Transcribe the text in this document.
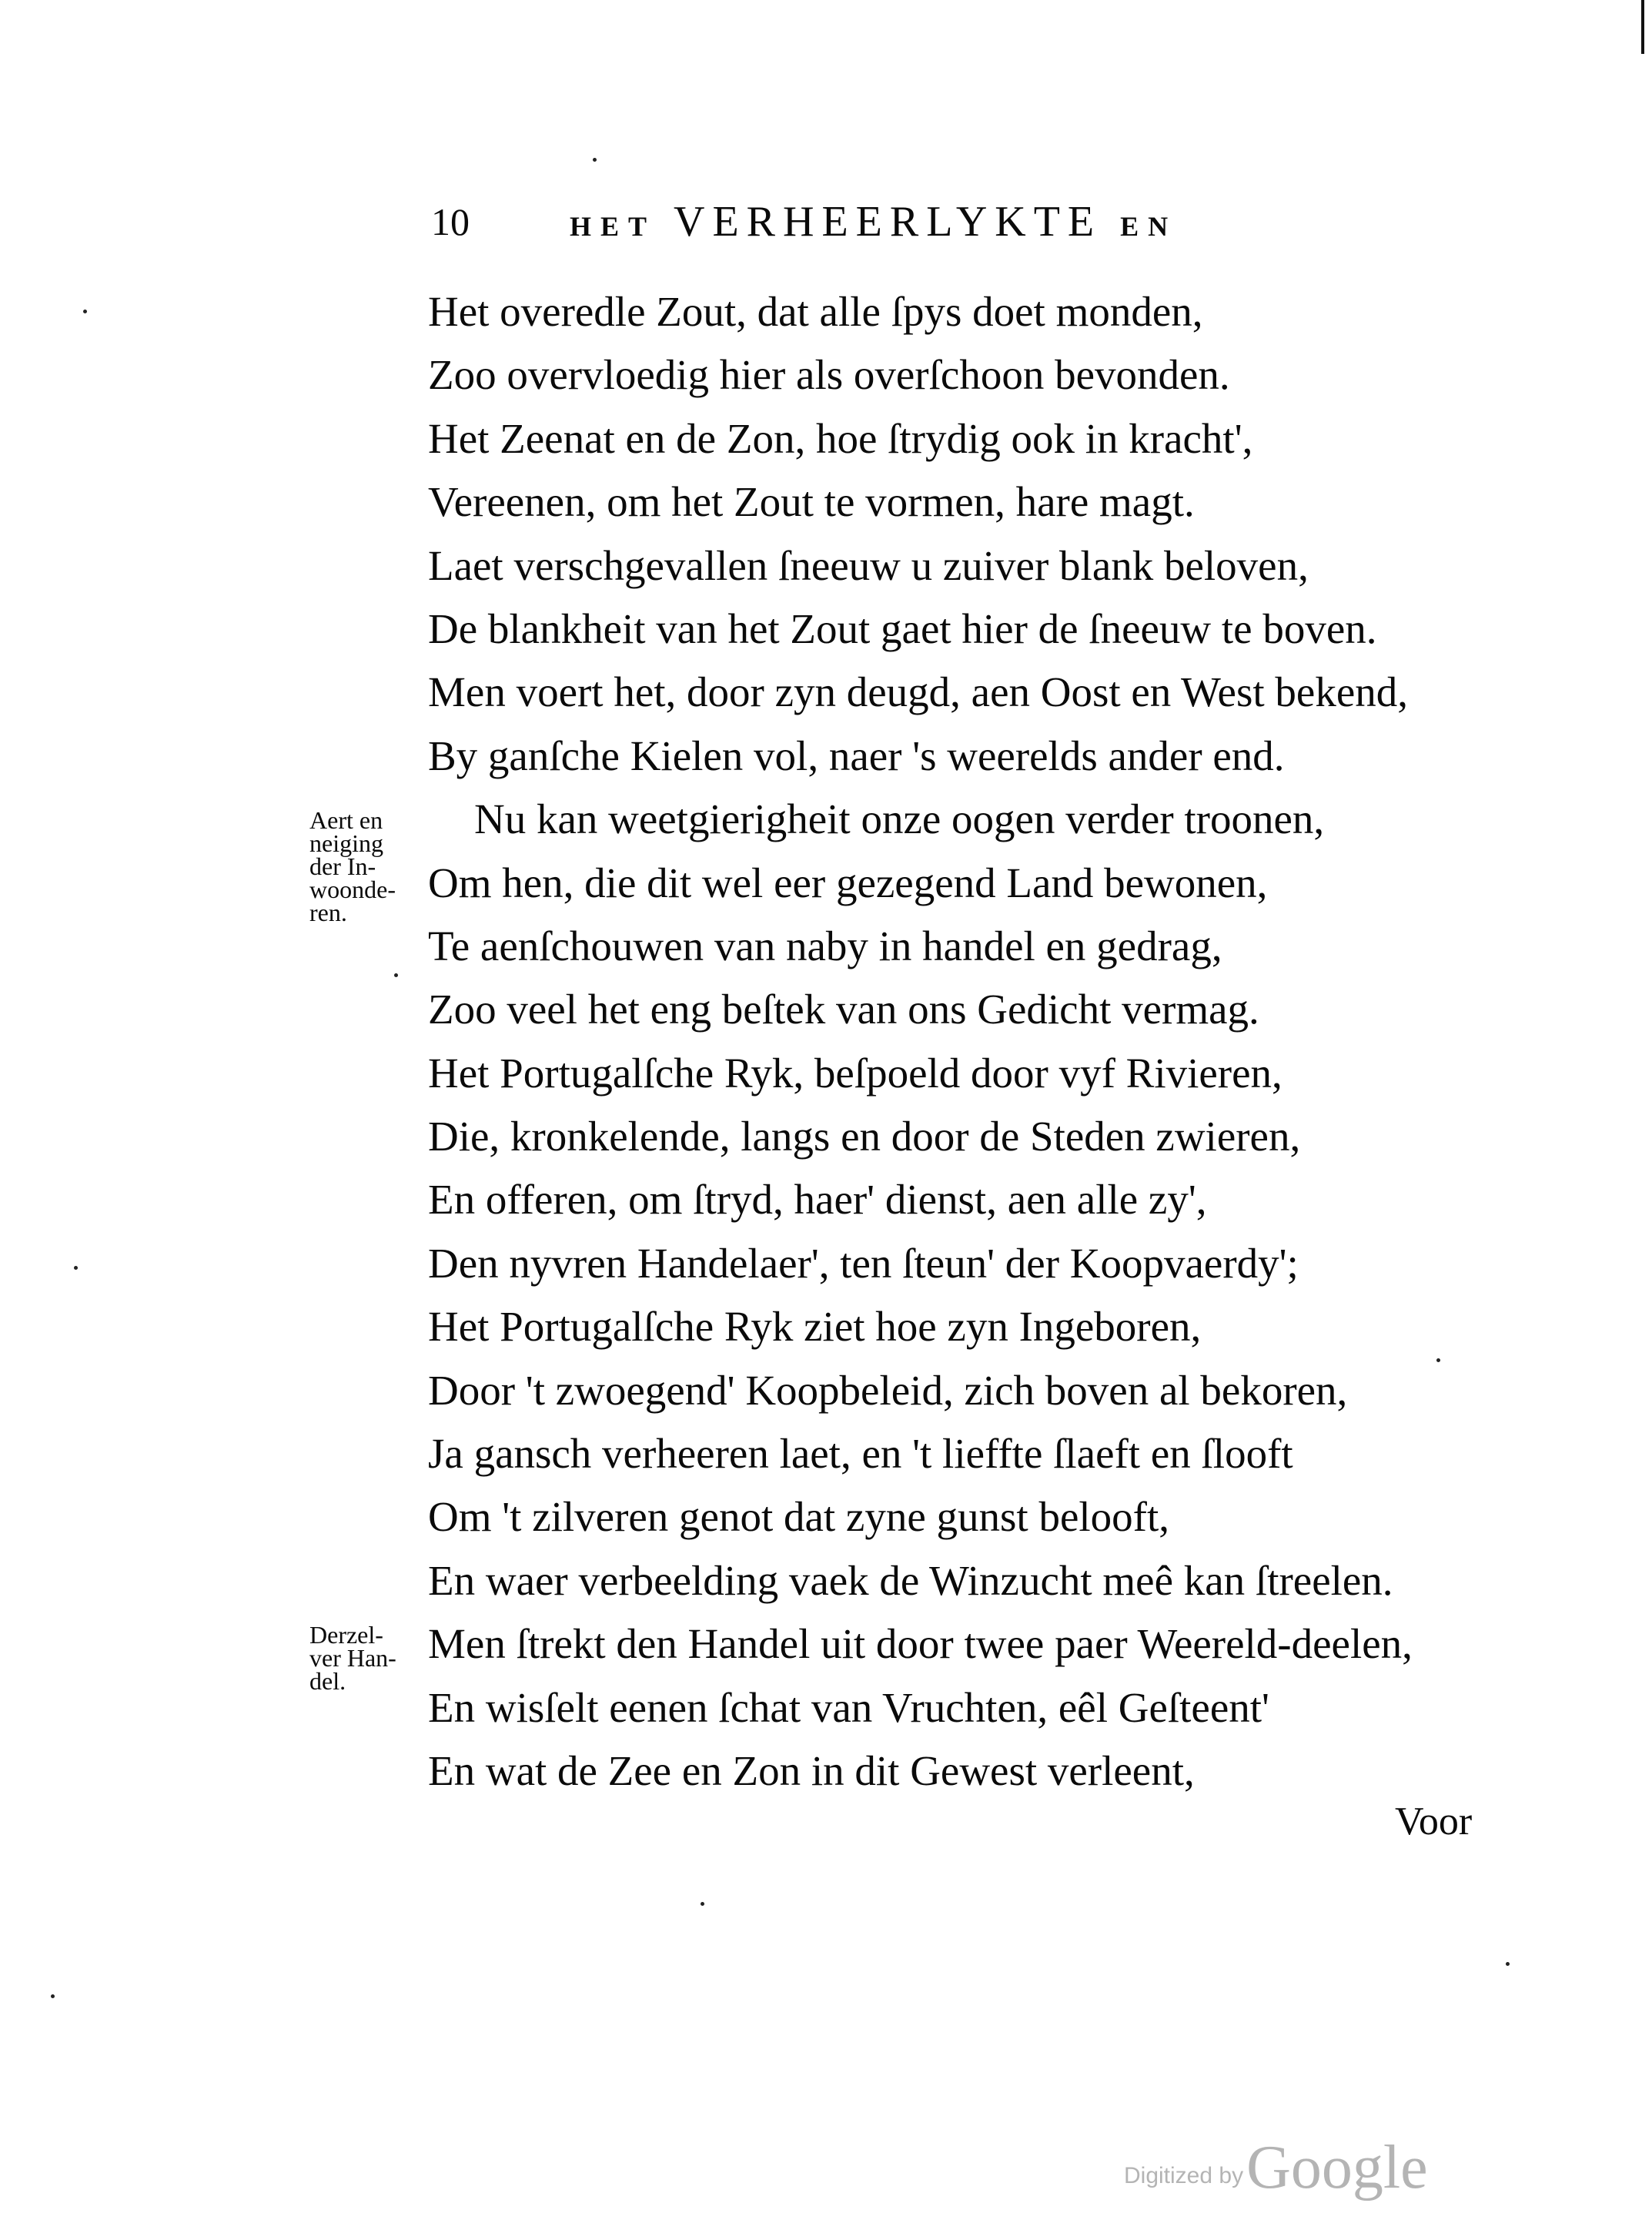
10	HET VERHEERLYKTE EN
Het overedle Zout, dat alle ſpys doet monden,
Zoo overvloedig hier als overſchoon bevonden.
Het Zeenat en de Zon, hoe ſtrydig ook in kracht',
Vereenen, om het Zout te vormen, hare magt.
Laet verschgevallen ſneeuw u zuiver blank beloven,
De blankheit van het Zout gaet hier de ſneeuw te boven.
Men voert het, door zyn deugd, aen Oost en West bekend,
By ganſche Kielen vol, naer 's weerelds ander end.
Nu kan weetgierigheit onze oogen verder troonen,
Om hen, die dit wel eer gezegend Land bewonen,
Te aenſchouwen van naby in handel en gedrag,
Zoo veel het eng beſtek van ons Gedicht vermag.
Het Portugalſche Ryk, beſpoeld door vyf Rivieren,
Die, kronkelende, langs en door de Steden zwieren,
En offeren, om ſtryd, haer' dienst, aen alle zy',
Den nyvren Handelaer', ten ſteun' der Koopvaerdy';
Het Portugalſche Ryk ziet hoe zyn Ingeboren,
Door 't zwoegend' Koopbeleid, zich boven al bekoren,
Ja gansch verheeren laet, en 't lieffte ſlaeft en ſlooft
Om 't zilveren genot dat zyne gunst belooft,
En waer verbeelding vaek de Winzucht meê kan ſtreelen.
Men ſtrekt den Handel uit door twee paer Weereld-deelen,
En wisſelt eenen ſchat van Vruchten, eêl Geſteent'
En wat de Zee en Zon in dit Gewest verleent,
Aert en
neiging
der In-
woonde-
ren.
Derzel-
ver Han-
del.
Voor
Digitized by Google
